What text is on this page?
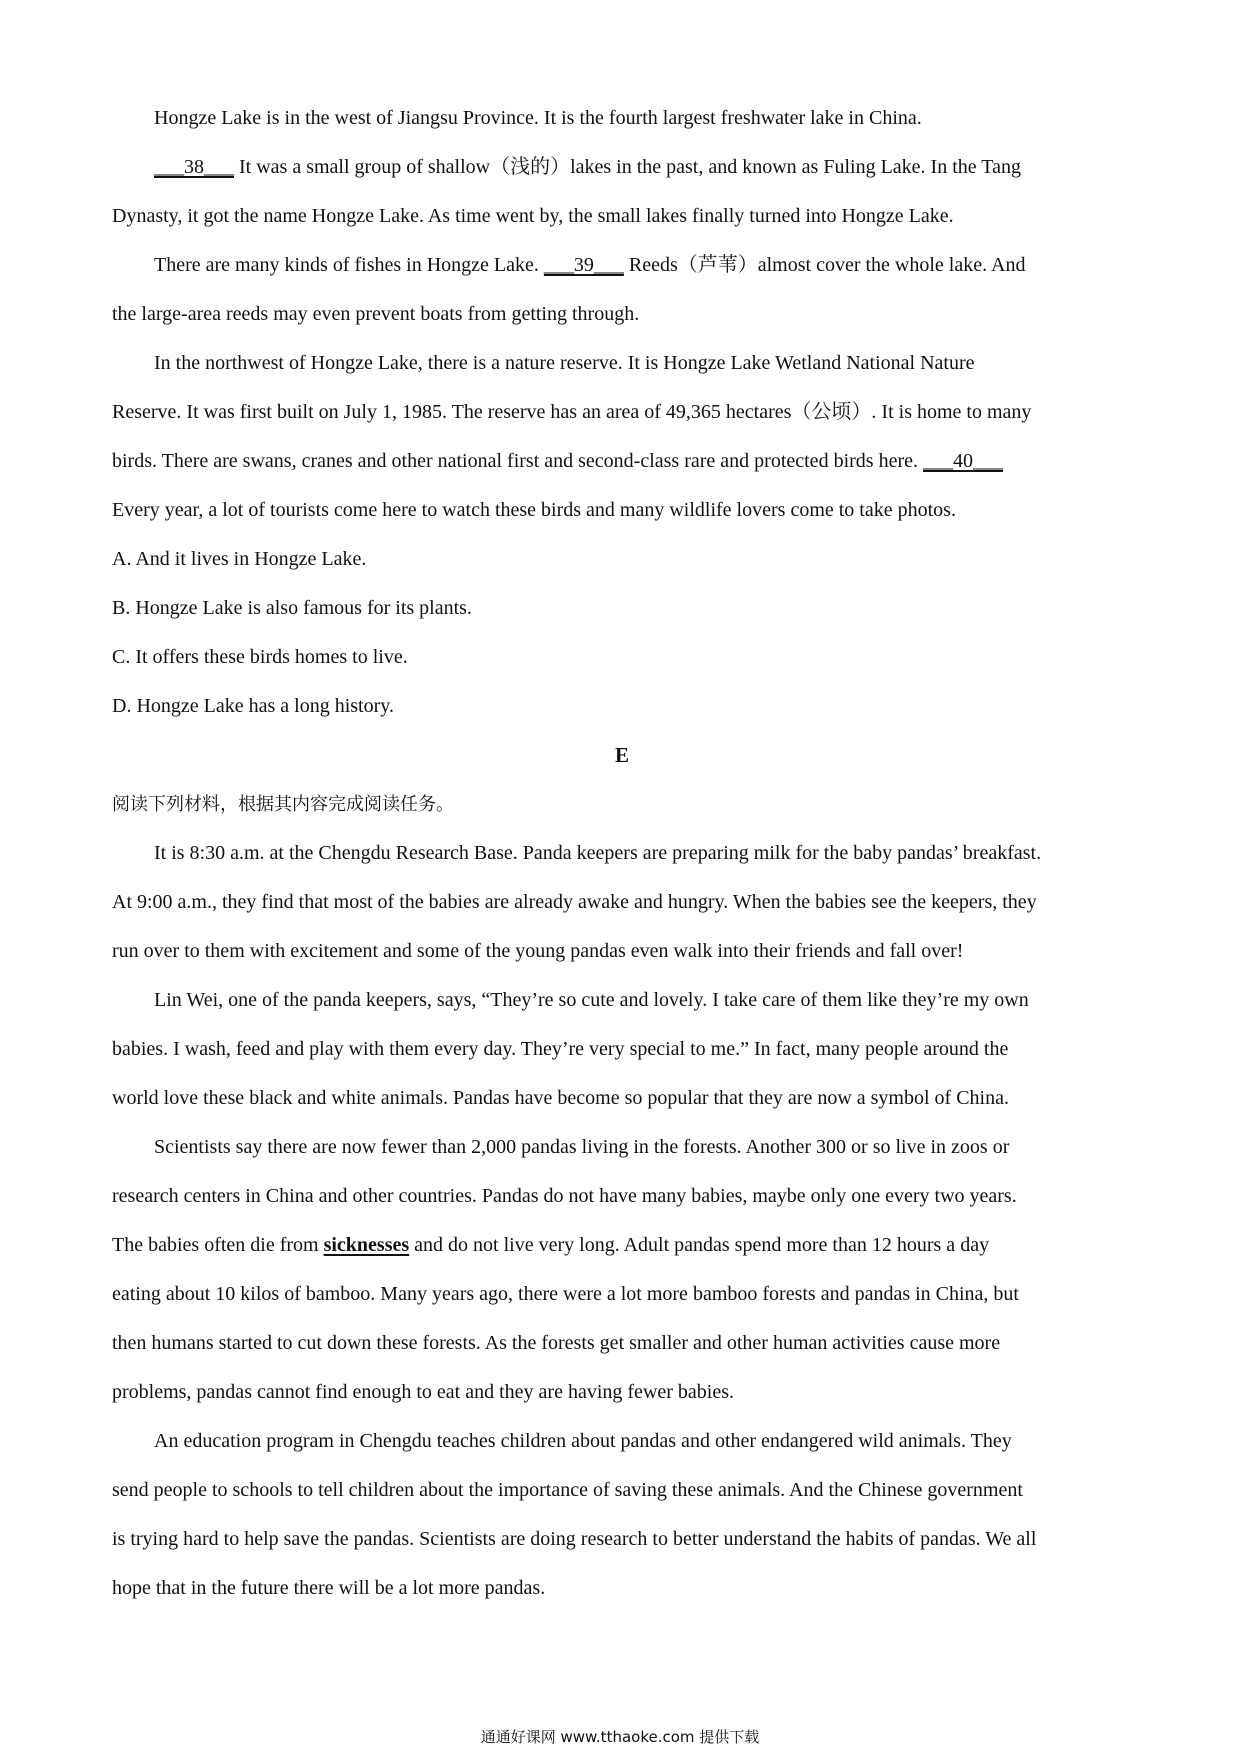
Hongze Lake is in the west of Jiangsu Province. It is the fourth largest freshwater lake in China.

___38___ It was a small group of shallow（浅的）lakes in the past, and known as Fuling Lake. In the Tang

Dynasty, it got the name Hongze Lake. As time went by, the small lakes finally turned into Hongze Lake.

There are many kinds of fishes in Hongze Lake. ___39___ Reeds（芦苇）almost cover the whole lake. And

the large-area reeds may even prevent boats from getting through.

In the northwest of Hongze Lake, there is a nature reserve. It is Hongze Lake Wetland National Nature

Reserve. It was first built on July 1, 1985. The reserve has an area of 49,365 hectares（公顷）. It is home to many

birds. There are swans, cranes and other national first and second-class rare and protected birds here. ___40___

Every year, a lot of tourists come here to watch these birds and many wildlife lovers come to take photos.

A. And it lives in Hongze Lake.

B. Hongze Lake is also famous for its plants.

C. It offers these birds homes to live.

D. Hongze Lake has a long history.

E

阅读下列材料，根据其内容完成阅读任务。

It is 8:30 a.m. at the Chengdu Research Base. Panda keepers are preparing milk for the baby pandas’ breakfast.

At 9:00 a.m., they find that most of the babies are already awake and hungry. When the babies see the keepers, they

run over to them with excitement and some of the young pandas even walk into their friends and fall over!

Lin Wei, one of the panda keepers, says, “They’re so cute and lovely. I take care of them like they’re my own

babies. I wash, feed and play with them every day. They’re very special to me.” In fact, many people around the

world love these black and white animals. Pandas have become so popular that they are now a symbol of China.

Scientists say there are now fewer than 2,000 pandas living in the forests. Another 300 or so live in zoos or

research centers in China and other countries. Pandas do not have many babies, maybe only one every two years.

The babies often die from sicknesses and do not live very long. Adult pandas spend more than 12 hours a day

eating about 10 kilos of bamboo. Many years ago, there were a lot more bamboo forests and pandas in China, but

then humans started to cut down these forests. As the forests get smaller and other human activities cause more

problems, pandas cannot find enough to eat and they are having fewer babies.

An education program in Chengdu teaches children about pandas and other endangered wild animals. They

send people to schools to tell children about the importance of saving these animals. And the Chinese government

is trying hard to help save the pandas. Scientists are doing research to better understand the habits of pandas. We all

hope that in the future there will be a lot more pandas.

通通好课网 www.tthaoke.com 提供下载
